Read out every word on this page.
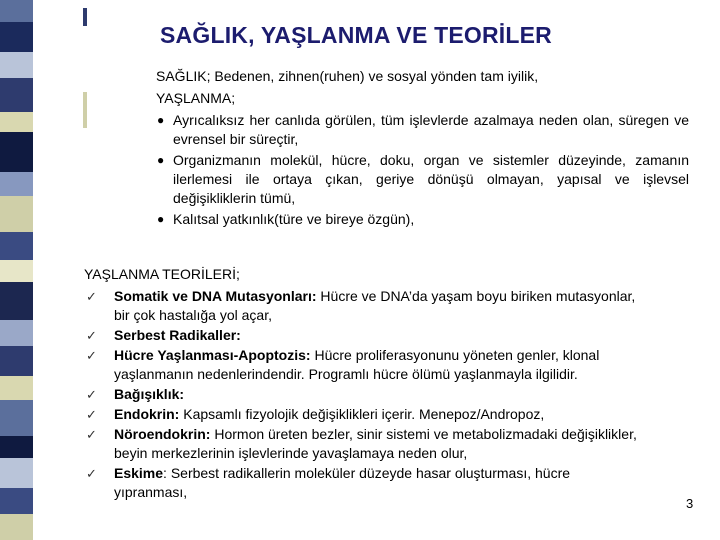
SAĞLIK, YAŞLANMA VE TEORİLER
SAĞLIK; Bedenen, zihnen(ruhen) ve sosyal yönden tam iyilik,
YAŞLANMA;
● Ayrıcalıksız her canlıda görülen, tüm işlevlerde azalmaya neden olan, süregen ve evrensel bir süreçtir,
● Organizmanın molekül, hücre, doku, organ ve sistemler düzeyinde, zamanın ilerlemesi ile ortaya çıkan, geriye dönüşü olmayan, yapısal ve işlevsel değişikliklerin tümü,
● Kalıtsal yatkınlık(türe ve bireye özgün),
YAŞLANMA TEORİLERİ;
✓ Somatik ve DNA Mutasyonları: Hücre ve DNA’da yaşam boyu biriken mutasyonlar, bir çok hastalığa yol açar,
✓ Serbest Radikaller:
✓ Hücre Yaşlanması-Apoptozis: Hücre proliferasyonunu yöneten genler, klonal yaşlanmanın nedenlerindendir. Programlı hücre ölümü yaşlanmayla ilgilidir.
✓ Bağışıklık:
✓ Endokrin: Kapsamlı fizyolojik değişiklikleri içerir. Menepoz/Andropoz,
✓ Nöroendokrin: Hormon üreten bezler, sinir sistemi ve metabolizmadaki değişiklikler, beyin merkezlerinin işlevlerinde yavaşlamaya neden olur,
✓ Eskime: Serbest radikallerin moleküler düzeyde hasar oluşturması, hücre yıpranması,
3
